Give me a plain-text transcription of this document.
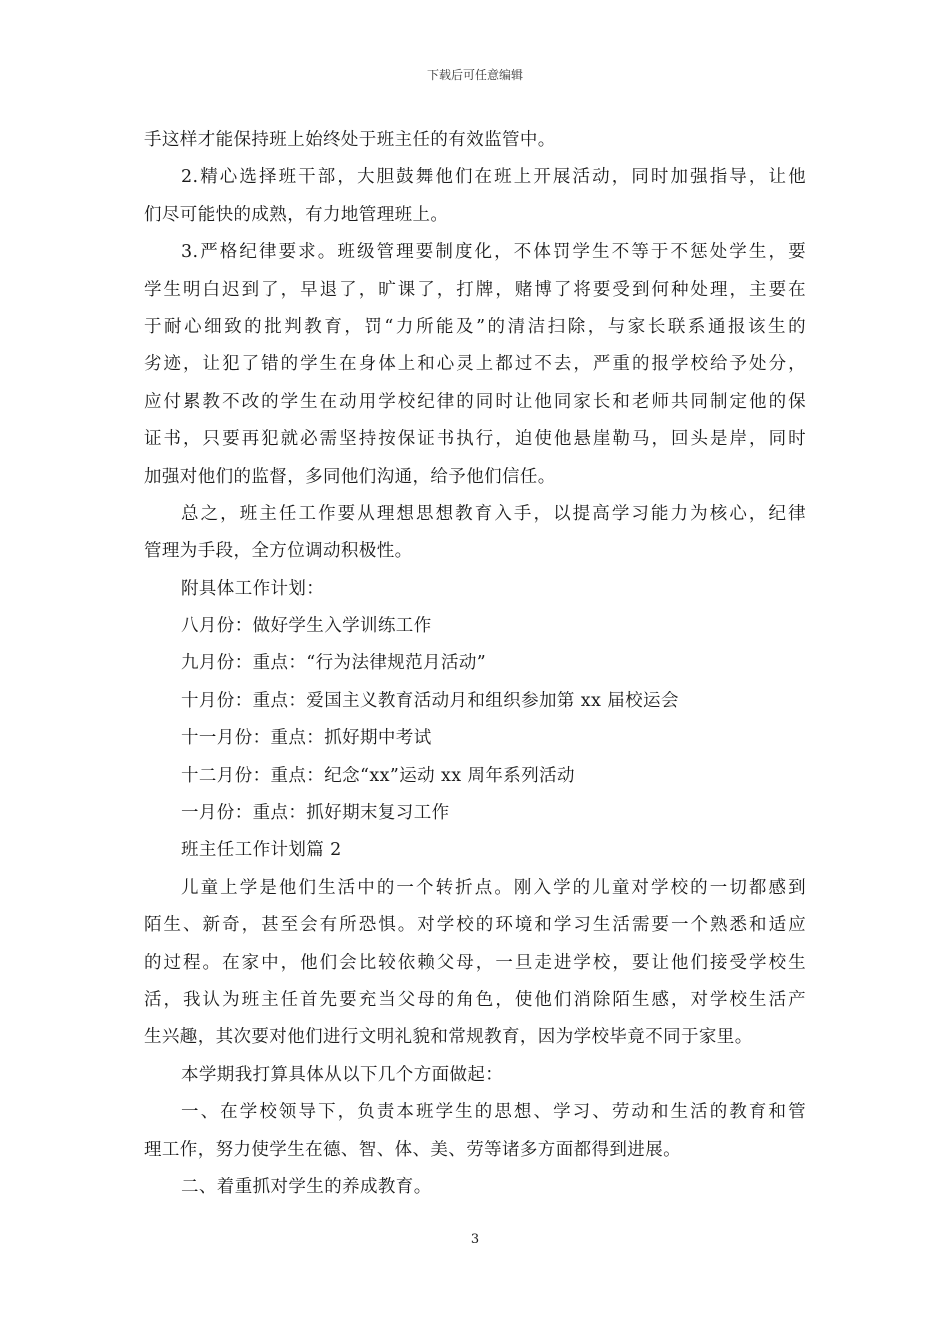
下载后可任意编辑
手这样才能保持班上始终处于班主任的有效监管中。
2.精心选择班干部，大胆鼓舞他们在班上开展活动，同时加强指导，让他
们尽可能快的成熟，有力地管理班上。
3.严格纪律要求。班级管理要制度化，不体罚学生不等于不惩处学生，要
学生明白迟到了，早退了，旷课了，打牌，赌博了将要受到何种处理，主要在
于耐心细致的批判教育，罚“力所能及”的清洁扫除，与家长联系通报该生的
劣迹，让犯了错的学生在身体上和心灵上都过不去，严重的报学校给予处分，
应付累教不改的学生在动用学校纪律的同时让他同家长和老师共同制定他的保
证书，只要再犯就必需坚持按保证书执行，迫使他悬崖勒马，回头是岸，同时
加强对他们的监督，多同他们沟通，给予他们信任。
总之，班主任工作要从理想思想教育入手，以提高学习能力为核心，纪律
管理为手段，全方位调动积极性。
附具体工作计划：
八月份：做好学生入学训练工作
九月份：重点：“行为法律规范月活动”
十月份：重点：爱国主义教育活动月和组织参加第 xx 届校运会
十一月份：重点：抓好期中考试
十二月份：重点：纪念“xx”运动 xx 周年系列活动
一月份：重点：抓好期末复习工作
班主任工作计划篇 2
儿童上学是他们生活中的一个转折点。刚入学的儿童对学校的一切都感到
陌生、新奇，甚至会有所恐惧。对学校的环境和学习生活需要一个熟悉和适应
的过程。在家中，他们会比较依赖父母，一旦走进学校，要让他们接受学校生
活，我认为班主任首先要充当父母的角色，使他们消除陌生感，对学校生活产
生兴趣，其次要对他们进行文明礼貌和常规教育，因为学校毕竟不同于家里。
本学期我打算具体从以下几个方面做起：
一、在学校领导下，负责本班学生的思想、学习、劳动和生活的教育和管
理工作，努力使学生在德、智、体、美、劳等诸多方面都得到进展。
二、着重抓对学生的养成教育。
3
